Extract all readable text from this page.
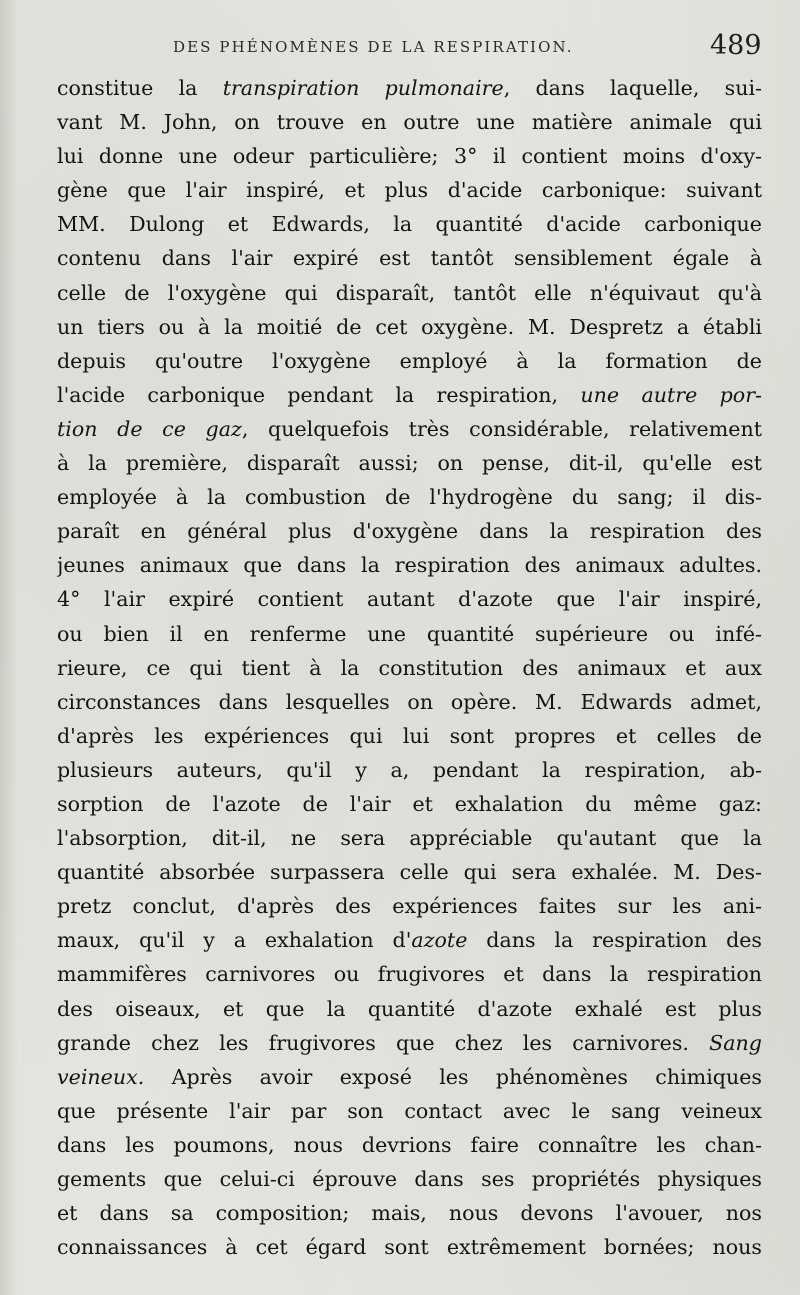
DES PHÉNOMÈNES DE LA RESPIRATION.	489
constitue la transpiration pulmonaire, dans laquelle, sui-
vant M. John, on trouve en outre une matière animale qui
lui donne une odeur particulière; 3° il contient moins d'oxy-
gène que l'air inspiré, et plus d'acide carbonique: suivant
MM. Dulong et Edwards, la quantité d'acide carbonique
contenu dans l'air expiré est tantôt sensiblement égale à
celle de l'oxygène qui disparaît, tantôt elle n'équivaut qu'à
un tiers ou à la moitié de cet oxygène. M. Despretz a établi
depuis qu'outre l'oxygène employé à la formation de
l'acide carbonique pendant la respiration, une autre por-
tion de ce gaz, quelquefois très considérable, relativement
à la première, disparaît aussi; on pense, dit-il, qu'elle est
employée à la combustion de l'hydrogène du sang; il dis-
paraît en général plus d'oxygène dans la respiration des
jeunes animaux que dans la respiration des animaux adultes.
4° l'air expiré contient autant d'azote que l'air inspiré,
ou bien il en renferme une quantité supérieure ou infé-
rieure, ce qui tient à la constitution des animaux et aux
circonstances dans lesquelles on opère. M. Edwards admet,
d'après les expériences qui lui sont propres et celles de
plusieurs auteurs, qu'il y a, pendant la respiration, ab-
sorption de l'azote de l'air et exhalation du même gaz:
l'absorption, dit-il, ne sera appréciable qu'autant que la
quantité absorbée surpassera celle qui sera exhalée. M. Des-
pretz conclut, d'après des expériences faites sur les ani-
maux, qu'il y a exhalation d'azote dans la respiration des
mammifères carnivores ou frugivores et dans la respiration
des oiseaux, et que la quantité d'azote exhalé est plus
grande chez les frugivores que chez les carnivores. Sang
veineux. Après avoir exposé les phénomènes chimiques
que présente l'air par son contact avec le sang veineux
dans les poumons, nous devrions faire connaître les chan-
gements que celui-ci éprouve dans ses propriétés physiques
et dans sa composition; mais, nous devons l'avouer, nos
connaissances à cet égard sont extrêmement bornées; nous
